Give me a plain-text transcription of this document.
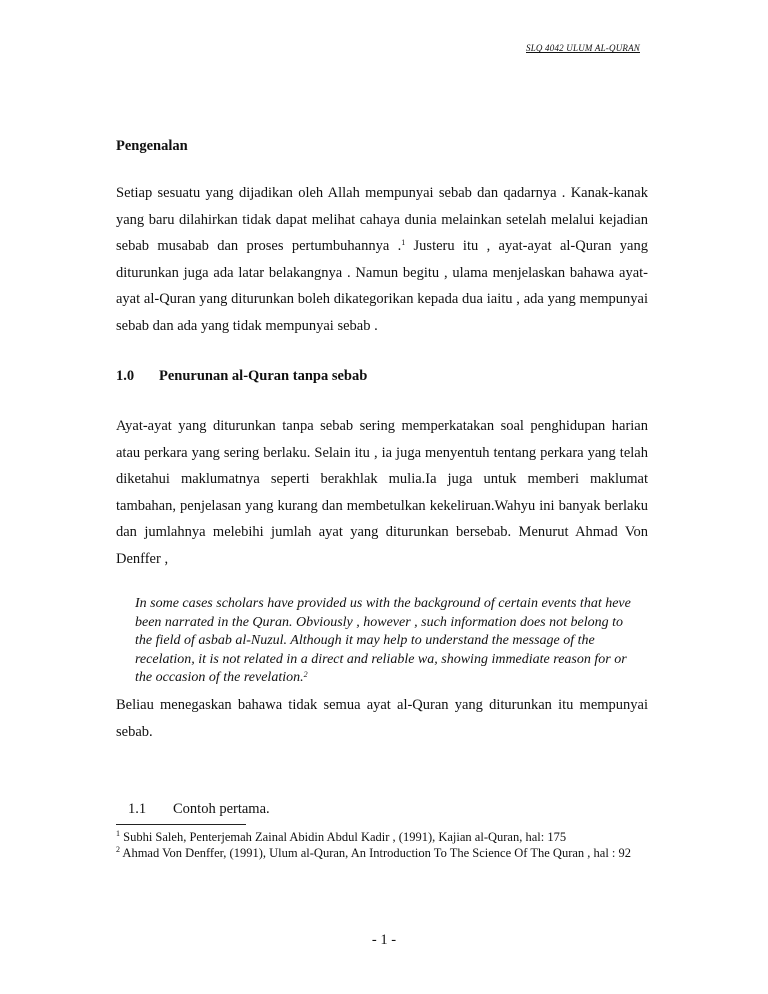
SLQ 4042 ULUM AL-QURAN
Pengenalan

Setiap sesuatu yang dijadikan oleh Allah mempunyai sebab dan qadarnya . Kanak-kanak yang baru dilahirkan tidak dapat melihat cahaya dunia melainkan setelah melalui kejadian sebab musabab dan proses pertumbuhannya .$^1$ Justeru itu , ayat-ayat al-Quran yang diturunkan juga ada latar belakangnya . Namun begitu , ulama menjelaskan bahawa ayat-ayat al-Quran yang diturunkan boleh dikategorikan kepada dua iaitu , ada yang mempunyai sebab dan ada yang tidak mempunyai sebab .

1.0 Penurunan al-Quran tanpa sebab

Ayat-ayat yang diturunkan tanpa sebab sering memperkatakan soal penghidupan harian atau perkara yang sering berlaku. Selain itu , ia juga menyentuh tentang perkara yang telah diketahui maklumatnya seperti berakhlak mulia.Ia juga untuk memberi maklumat tambahan, penjelasan yang kurang dan membetulkan kekeliruan.Wahyu ini banyak berlaku dan jumlahnya melebihi jumlah ayat yang diturunkan bersebab. Menurut Ahmad Von Denffer ,

In some cases scholars have provided us with the background of certain events that heve been narrated in the Quran. Obviously , however , such information does not belong to the field of asbab al-Nuzul. Although it may help to understand the message of the recelation, it is not related in a direct and reliable wa, showing immediate reason for or the occasion of the revelation.$^2$

Beliau menegaskan bahawa tidak semua ayat al-Quran yang diturunkan itu mempunyai sebab.

1.1 Contoh pertama.
$^1$ Subhi Saleh, Penterjemah Zainal Abidin Abdul Kadir , (1991), Kajian al-Quran, hal: 175
$^2$ Ahmad Von Denffer, (1991), Ulum al-Quran, An Introduction To The Science Of The Quran , hal : 92
- 1 -
